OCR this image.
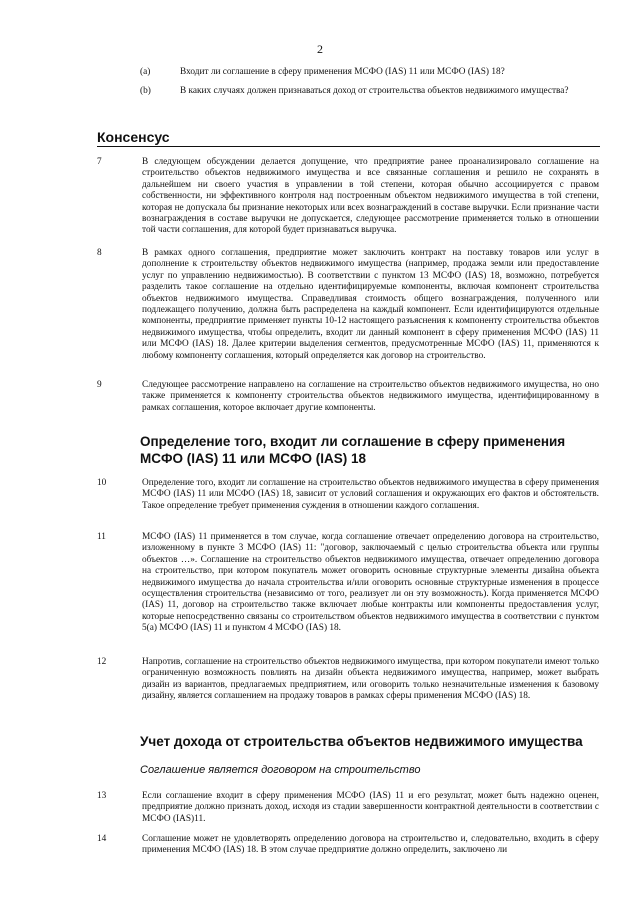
2
(a)	Входит ли соглашение в сферу применения МСФО (IAS) 11 или МСФО (IAS) 18?
(b)	В каких случаях должен признаваться доход от строительства объектов недвижимого имущества?
Консенсус
7	В следующем обсуждении делается допущение, что предприятие ранее проанализировало соглашение на строительство объектов недвижимого имущества и все связанные соглашения и решило не сохранять в дальнейшем ни своего участия в управлении в той степени, которая обычно ассоциируется с правом собственности, ни эффективного контроля над построенным объектом недвижимого имущества в той степени, которая не допускала бы признание некоторых или всех вознаграждений в составе выручки. Если признание части вознаграждения в составе выручки не допускается, следующее рассмотрение применяется только в отношении той части соглашения, для которой будет признаваться выручка.
8	В рамках одного соглашения, предприятие может заключить контракт на поставку товаров или услуг в дополнение к строительству объектов недвижимого имущества (например, продажа земли или предоставление услуг по управлению недвижимостью). В соответствии с пунктом 13 МСФО (IAS) 18, возможно, потребуется разделить такое соглашение на отдельно идентифицируемые компоненты, включая компонент строительства объектов недвижимого имущества. Справедливая стоимость общего вознаграждения, полученного или подлежащего получению, должна быть распределена на каждый компонент. Если идентифицируются отдельные компоненты, предприятие применяет пункты 10-12 настоящего разъяснения к компоненту строительства объектов недвижимого имущества, чтобы определить, входит ли данный компонент в сферу применения МСФО (IAS) 11 или МСФО (IAS) 18. Далее критерии выделения сегментов, предусмотренные МСФО (IAS) 11, применяются к любому компоненту соглашения, который определяется как договор на строительство.
9	Следующее рассмотрение направлено на соглашение на строительство объектов недвижимого имущества, но оно также применяется к компоненту строительства объектов недвижимого имущества, идентифицированному в рамках соглашения, которое включает другие компоненты.
Определение того, входит ли соглашение в сферу применения МСФО (IAS) 11 или МСФО (IAS) 18
10	Определение того, входит ли соглашение на строительство объектов недвижимого имущества в сферу применения МСФО (IAS) 11 или МСФО (IAS) 18, зависит от условий соглашения и окружающих его фактов и обстоятельств. Такое определение требует применения суждения в отношении каждого соглашения.
11	МСФО (IAS) 11 применяется в том случае, когда соглашение отвечает определению договора на строительство, изложенному в пункте 3 МСФО (IAS) 11: "договор, заключаемый с целью строительства объекта или группы объектов …». Соглашение на строительство объектов недвижимого имущества, отвечает определению договора на строительство, при котором покупатель может оговорить основные структурные элементы дизайна объекта недвижимого имущества до начала строительства и/или оговорить основные структурные изменения в процессе осуществления строительства (независимо от того, реализует ли он эту возможность). Когда применяется МСФО (IAS) 11, договор на строительство также включает любые контракты или компоненты предоставления услуг, которые непосредственно связаны со строительством объектов недвижимого имущества в соответствии с пунктом 5(a) МСФО (IAS) 11 и пунктом 4 МСФО (IAS) 18.
12	Напротив, соглашение на строительство объектов недвижимого имущества, при котором покупатели имеют только ограниченную возможность повлиять на дизайн объекта недвижимого имущества, например, может выбрать дизайн из вариантов, предлагаемых предприятием, или оговорить только незначительные изменения к базовому дизайну, является соглашением на продажу товаров в рамках сферы применения МСФО (IAS) 18.
Учет дохода от строительства объектов недвижимого имущества
Соглашение является договором на строительство
13	Если соглашение входит в сферу применения МСФО (IAS) 11 и его результат, может быть надежно оценен, предприятие должно признать доход, исходя из стадии завершенности контрактной деятельности в соответствии с МСФО (IAS)11.
14	Соглашение может не удовлетворять определению договора на строительство и, следовательно, входить в сферу применения МСФО (IAS) 18. В этом случае предприятие должно определить, заключено ли
